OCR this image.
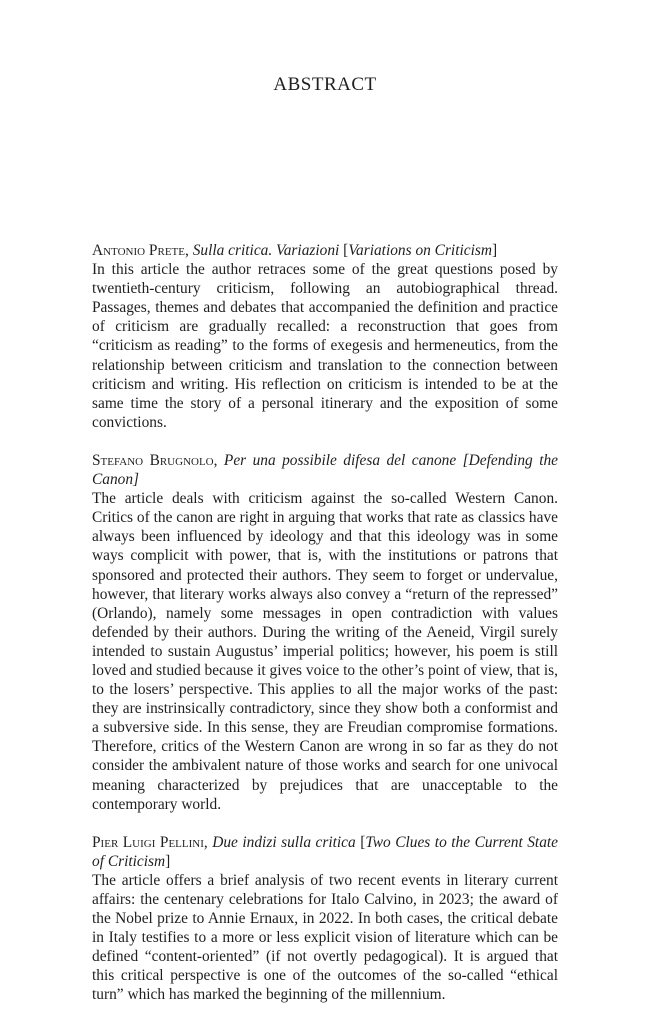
ABSTRACT
Antonio Prete, Sulla critica. Variazioni [Variations on Criticism]

In this article the author retraces some of the great questions posed by twentieth-century criticism, following an autobiographical thread. Passages, themes and debates that accompanied the definition and practice of criticism are gradually recalled: a reconstruction that goes from “criticism as reading” to the forms of exegesis and hermeneutics, from the relationship between criticism and translation to the connection between criticism and writing. His reflection on criticism is intended to be at the same time the story of a personal itinerary and the exposition of some convictions.

Stefano Brugnolo, Per una possibile difesa del canone [Defending the Canon]

The article deals with criticism against the so-called Western Canon. Critics of the canon are right in arguing that works that rate as classics have always been influenced by ideology and that this ideology was in some ways complicit with power, that is, with the institutions or patrons that sponsored and protected their authors. They seem to forget or undervalue, however, that literary works always also convey a “return of the repressed” (Orlando), namely some messages in open contradiction with values defended by their authors. During the writing of the Aeneid, Virgil surely intended to sustain Augustus’ imperial politics; however, his poem is still loved and studied because it gives voice to the other’s point of view, that is, to the losers’ perspective. This applies to all the major works of the past: they are instrinsically contradictory, since they show both a conformist and a subversive side. In this sense, they are Freudian compromise formations. Therefore, critics of the Western Canon are wrong in so far as they do not consider the ambivalent nature of those works and search for one univocal meaning characterized by prejudices that are unacceptable to the contemporary world.

Pier Luigi Pellini, Due indizi sulla critica [Two Clues to the Current State of Criticism]

The article offers a brief analysis of two recent events in literary current affairs: the centenary celebrations for Italo Calvino, in 2023; the award of the Nobel prize to Annie Ernaux, in 2022. In both cases, the critical debate in Italy testifies to a more or less explicit vision of literature which can be defined “content-oriented” (if not overtly pedagogical). It is argued that this critical perspective is one of the outcomes of the so-called “ethical turn” which has marked the beginning of the millennium.
